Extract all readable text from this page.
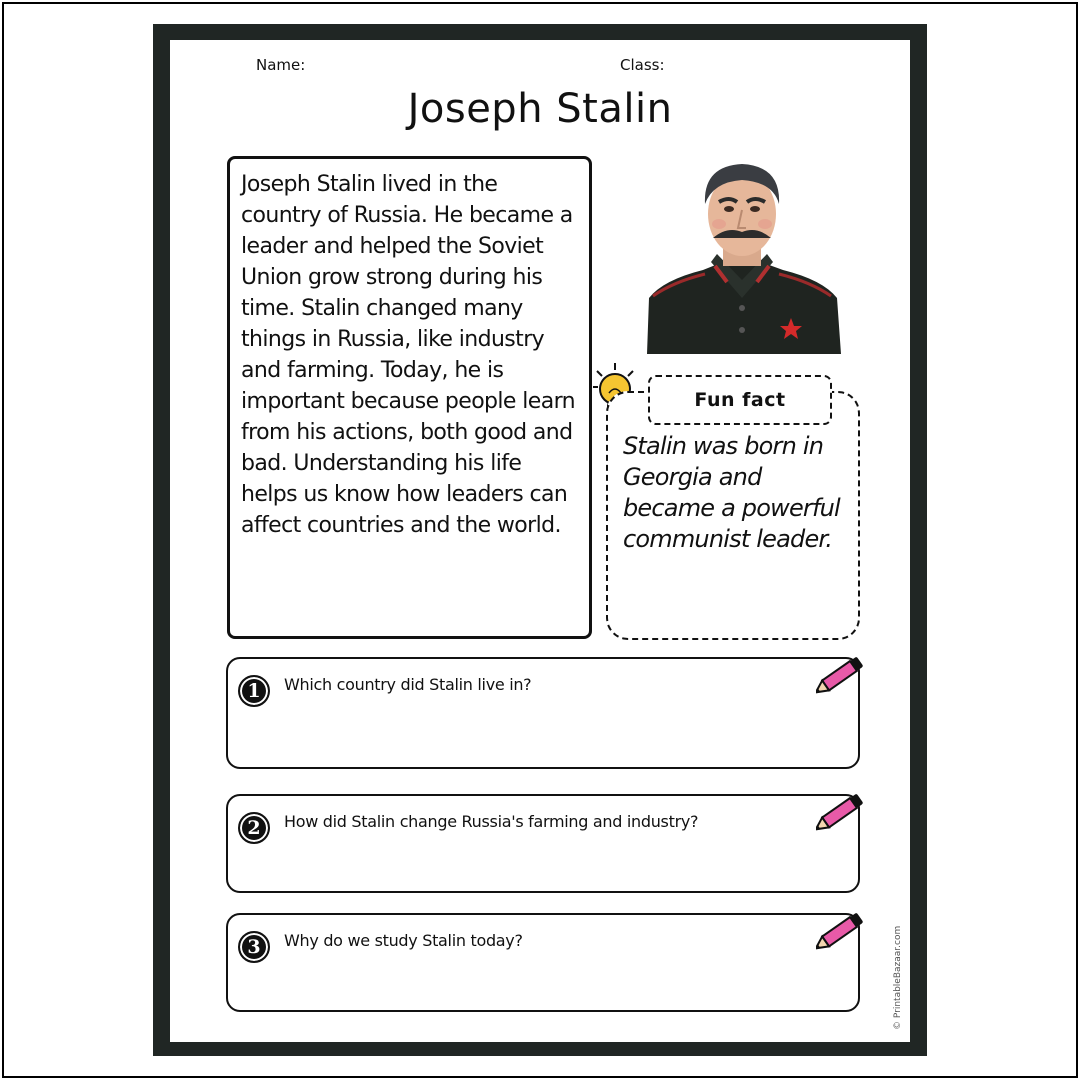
Name:	Class:
Joseph Stalin

Joseph Stalin lived in the country of Russia. He became a leader and helped the Soviet Union grow strong during his time. Stalin changed many things in Russia, like industry and farming. Today, he is important because people learn from his actions, both good and bad. Understanding his life helps us know how leaders can affect countries and the world.

Stalin was born in Georgia and became a powerful communist leader.

Fun fact
1	Which country did Stalin live in?
2	How did Stalin change Russia's farming and industry?
3	Why do we study Stalin today?	© PrintableBazaar.com
